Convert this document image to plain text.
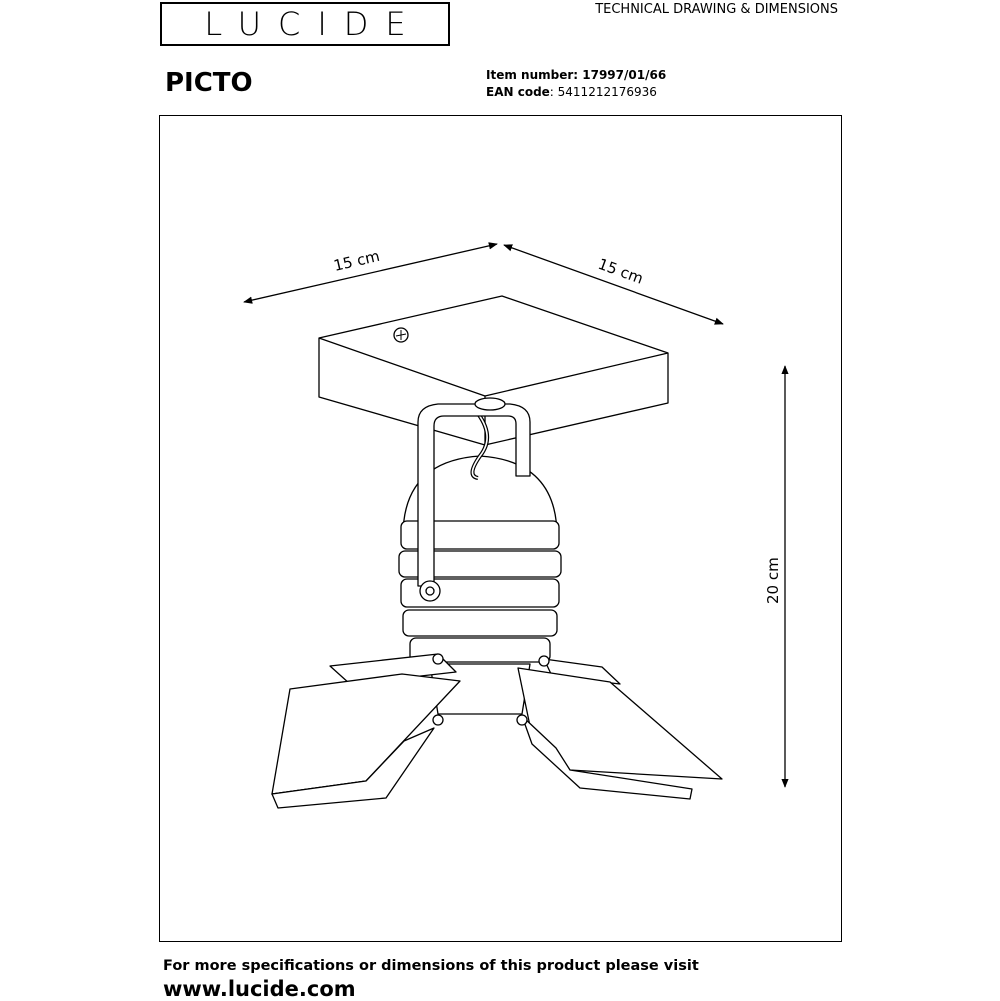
LUCIDE	TECHNICAL DRAWING & DIMENSIONS
PICTO	Item number: 17997/01/66
EAN code: 5411212176936
15 cm	15 cm
20 cm
For more specifications or dimensions of this product please visit
www.lucide.com
